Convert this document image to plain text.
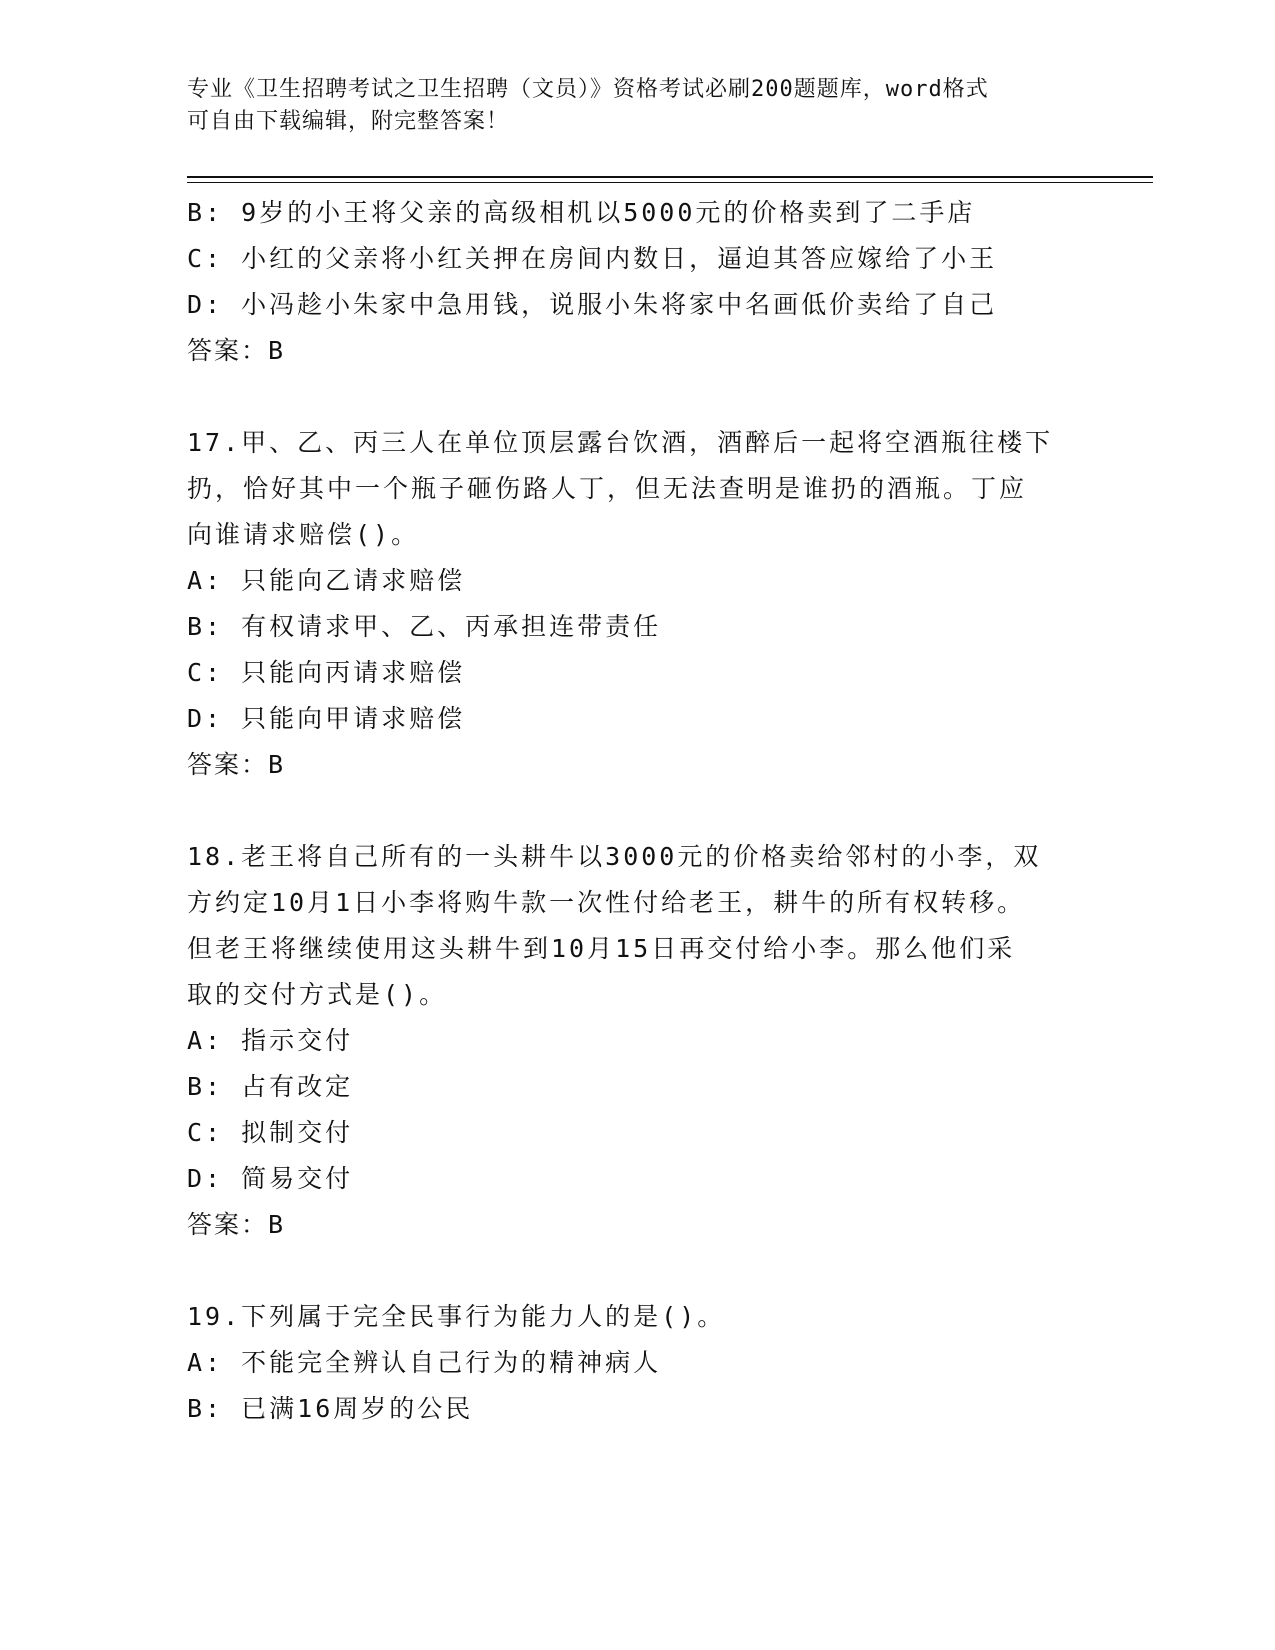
专业《卫生招聘考试之卫生招聘（文员）》资格考试必刷200题题库，word格式
可自由下载编辑，附完整答案！
B: 9岁的小王将父亲的高级相机以5000元的价格卖到了二手店
C: 小红的父亲将小红关押在房间内数日，逼迫其答应嫁给了小王
D: 小冯趁小朱家中急用钱，说服小朱将家中名画低价卖给了自己
答案：B
17.甲、乙、丙三人在单位顶层露台饮酒，酒醉后一起将空酒瓶往楼下
扔，恰好其中一个瓶子砸伤路人丁，但无法查明是谁扔的酒瓶。丁应
向谁请求赔偿()。
A: 只能向乙请求赔偿
B: 有权请求甲、乙、丙承担连带责任
C: 只能向丙请求赔偿
D: 只能向甲请求赔偿
答案：B
18.老王将自己所有的一头耕牛以3000元的价格卖给邻村的小李，双
方约定10月1日小李将购牛款一次性付给老王，耕牛的所有权转移。
但老王将继续使用这头耕牛到10月15日再交付给小李。那么他们采
取的交付方式是()。
A: 指示交付
B: 占有改定
C: 拟制交付
D: 简易交付
答案：B
19.下列属于完全民事行为能力人的是()。
A: 不能完全辨认自己行为的精神病人
B: 已满16周岁的公民
